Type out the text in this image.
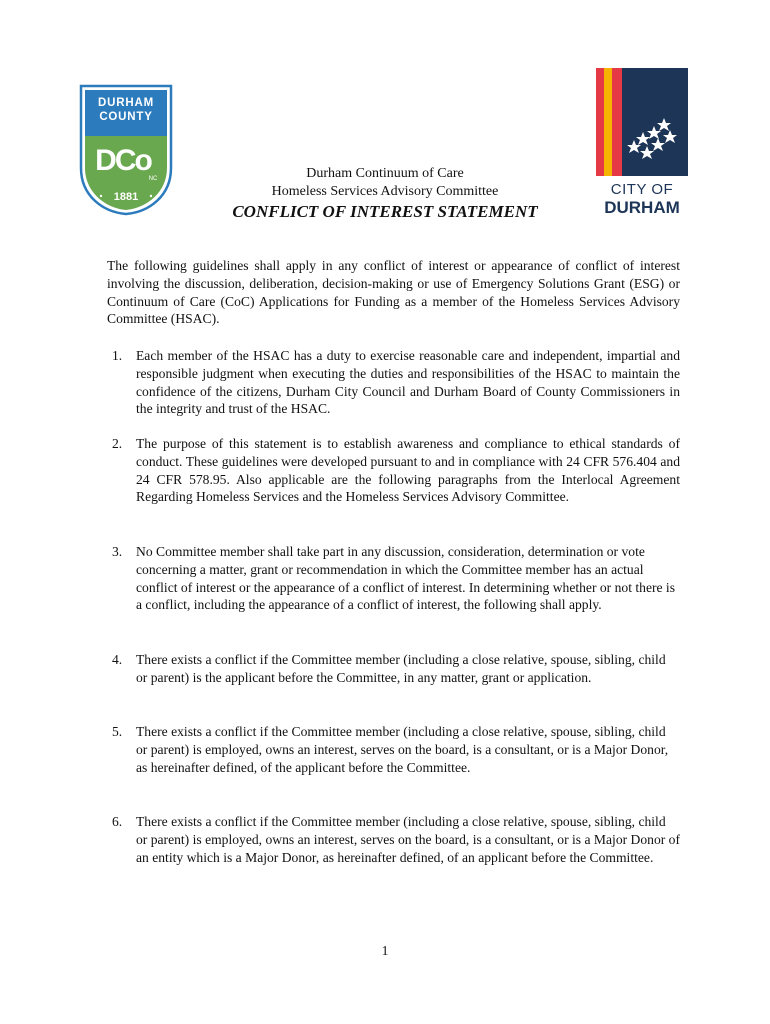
DURHAM
COUNTY
DCo
NC
1881	CITY OF
DURHAM
Durham Continuum of Care
Homeless Services Advisory Committee
CONFLICT OF INTEREST STATEMENT

The following guidelines shall apply in any conflict of interest or appearance of conflict of interest involving the discussion, deliberation, decision-making or use of Emergency Solutions Grant (ESG) or Continuum of Care (CoC) Applications for Funding as a member of the Homeless Services Advisory Committee (HSAC).

1. Each member of the HSAC has a duty to exercise reasonable care and independent, impartial and responsible judgment when executing the duties and responsibilities of the HSAC to maintain the confidence of the citizens, Durham City Council and Durham Board of County Commissioners in the integrity and trust of the HSAC.
2. The purpose of this statement is to establish awareness and compliance to ethical standards of conduct. These guidelines were developed pursuant to and in compliance with 24 CFR 576.404 and 24 CFR 578.95. Also applicable are the following paragraphs from the Interlocal Agreement Regarding Homeless Services and the Homeless Services Advisory Committee.
3. No Committee member shall take part in any discussion, consideration, determination or vote concerning a matter, grant or recommendation in which the Committee member has an actual conflict of interest or the appearance of a conflict of interest. In determining whether or not there is a conflict, including the appearance of a conflict of interest, the following shall apply.
4. There exists a conflict if the Committee member (including a close relative, spouse, sibling, child or parent) is the applicant before the Committee, in any matter, grant or application.
5. There exists a conflict if the Committee member (including a close relative, spouse, sibling, child or parent) is employed, owns an interest, serves on the board, is a consultant, or is a Major Donor, as hereinafter defined, of the applicant before the Committee.
6. There exists a conflict if the Committee member (including a close relative, spouse, sibling, child or parent) is employed, owns an interest, serves on the board, is a consultant, or is a Major Donor of an entity which is a Major Donor, as hereinafter defined, of an applicant before the Committee.
1
